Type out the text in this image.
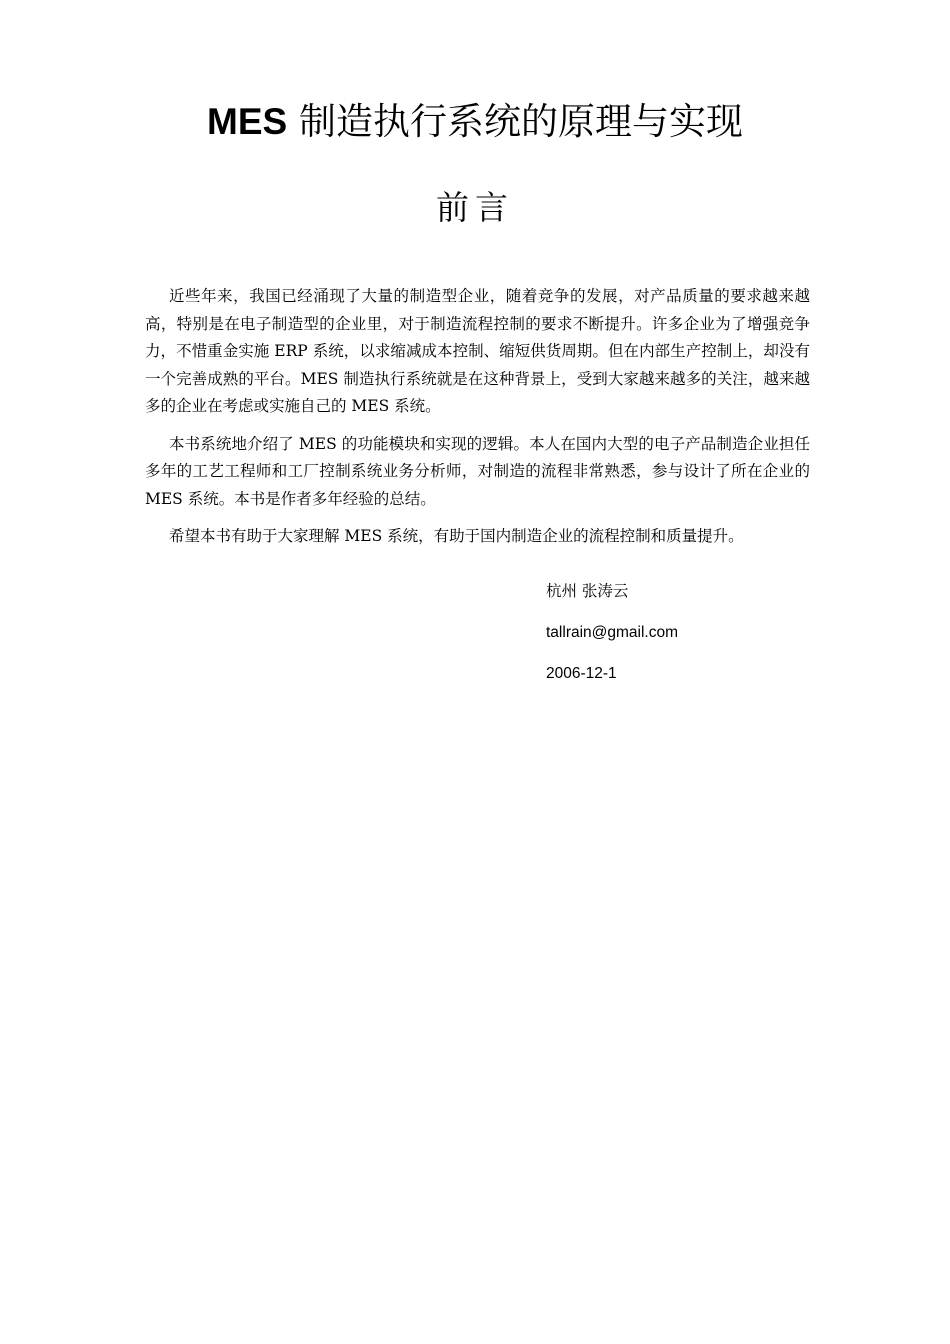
MES 制造执行系统的原理与实现
前言

近些年来，我国已经涌现了大量的制造型企业，随着竞争的发展，对产品质量的要求越来越高，特别是在电子制造型的企业里，对于制造流程控制的要求不断提升。许多企业为了增强竞争力，不惜重金实施 ERP 系统，以求缩减成本控制、缩短供货周期。但在内部生产控制上，却没有一个完善成熟的平台。MES 制造执行系统就是在这种背景上，受到大家越来越多的关注，越来越多的企业在考虑或实施自己的 MES 系统。

本书系统地介绍了 MES 的功能模块和实现的逻辑。本人在国内大型的电子产品制造企业担任多年的工艺工程师和工厂控制系统业务分析师，对制造的流程非常熟悉，参与设计了所在企业的 MES 系统。本书是作者多年经验的总结。

希望本书有助于大家理解 MES 系统，有助于国内制造企业的流程控制和质量提升。

杭州 张涛云
tallrain@gmail.com
2006-12-1
